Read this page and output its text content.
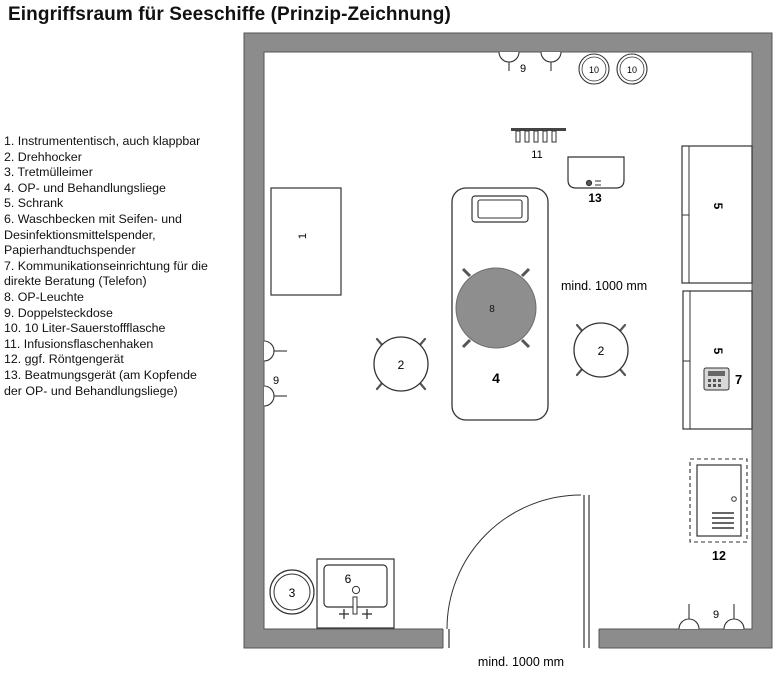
Eingriffsraum für Seeschiffe (Prinzip-Zeichnung)
1. Instrumententisch, auch klappbar
2. Drehhocker
3. Tretmülleimer
4. OP- und Behandlungsliege
5. Schrank
6. Waschbecken mit Seifen- und Desinfektionsmittelspender, Papierhandtuchspender
7. Kommunikationseinrichtung für die direkte Beratung (Telefon)
8. OP-Leuchte
9. Doppelsteckdose
10. 10 Liter-Sauerstoffflasche
11. Infusionsflaschenhaken
12. ggf. Röntgengerät
13. Beatmungsgerät (am Kopfende der OP- und Behandlungsliege)
1
4
8
2
2
mind. 1000 mm
mind. 1000 mm
5
5
7
12
6
3
9
9
9
10	10
11
13
